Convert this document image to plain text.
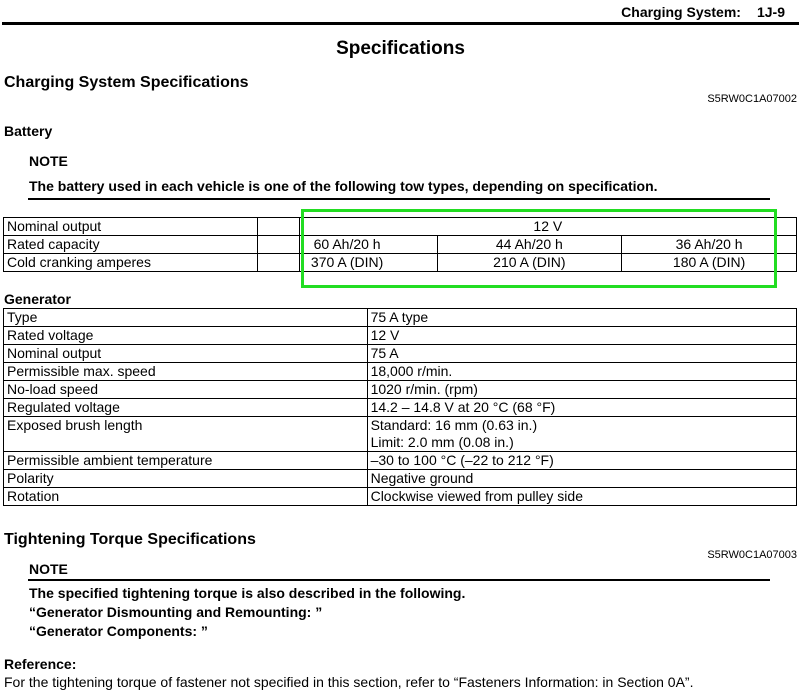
Charging System: 1J-9
Specifications
Charging System Specifications
S5RW0C1A07002
Battery
NOTE
The battery used in each vehicle is one of the following tow types, depending on specification.
Nominal output		12 V			
Rated capacity		60 Ah/20 h		44 Ah/20 h	36 Ah/20 h
Cold cranking amperes		370 A (DIN)		210 A (DIN)	180 A (DIN)
Generator
Type	75 A type
Rated voltage	12 V
Nominal output	75 A
Permissible max. speed	18,000 r/min.
No-load speed	1020 r/min. (rpm)
Regulated voltage	14.2 – 14.8 V at 20 °C (68 °F)
Exposed brush length	Standard: 16 mm (0.63 in.)
Limit: 2.0 mm (0.08 in.)

Permissible ambient temperature	–30 to 100 °C (–22 to 212 °F)
Polarity	Negative ground
Rotation	Clockwise viewed from pulley side
Tightening Torque Specifications
S5RW0C1A07003
NOTE
The specified tightening torque is also described in the following.
“Generator Dismounting and Remounting: ”
“Generator Components: ”
Reference:
For the tightening torque of fastener not specified in this section, refer to “Fasteners Information: in Section 0A”.
